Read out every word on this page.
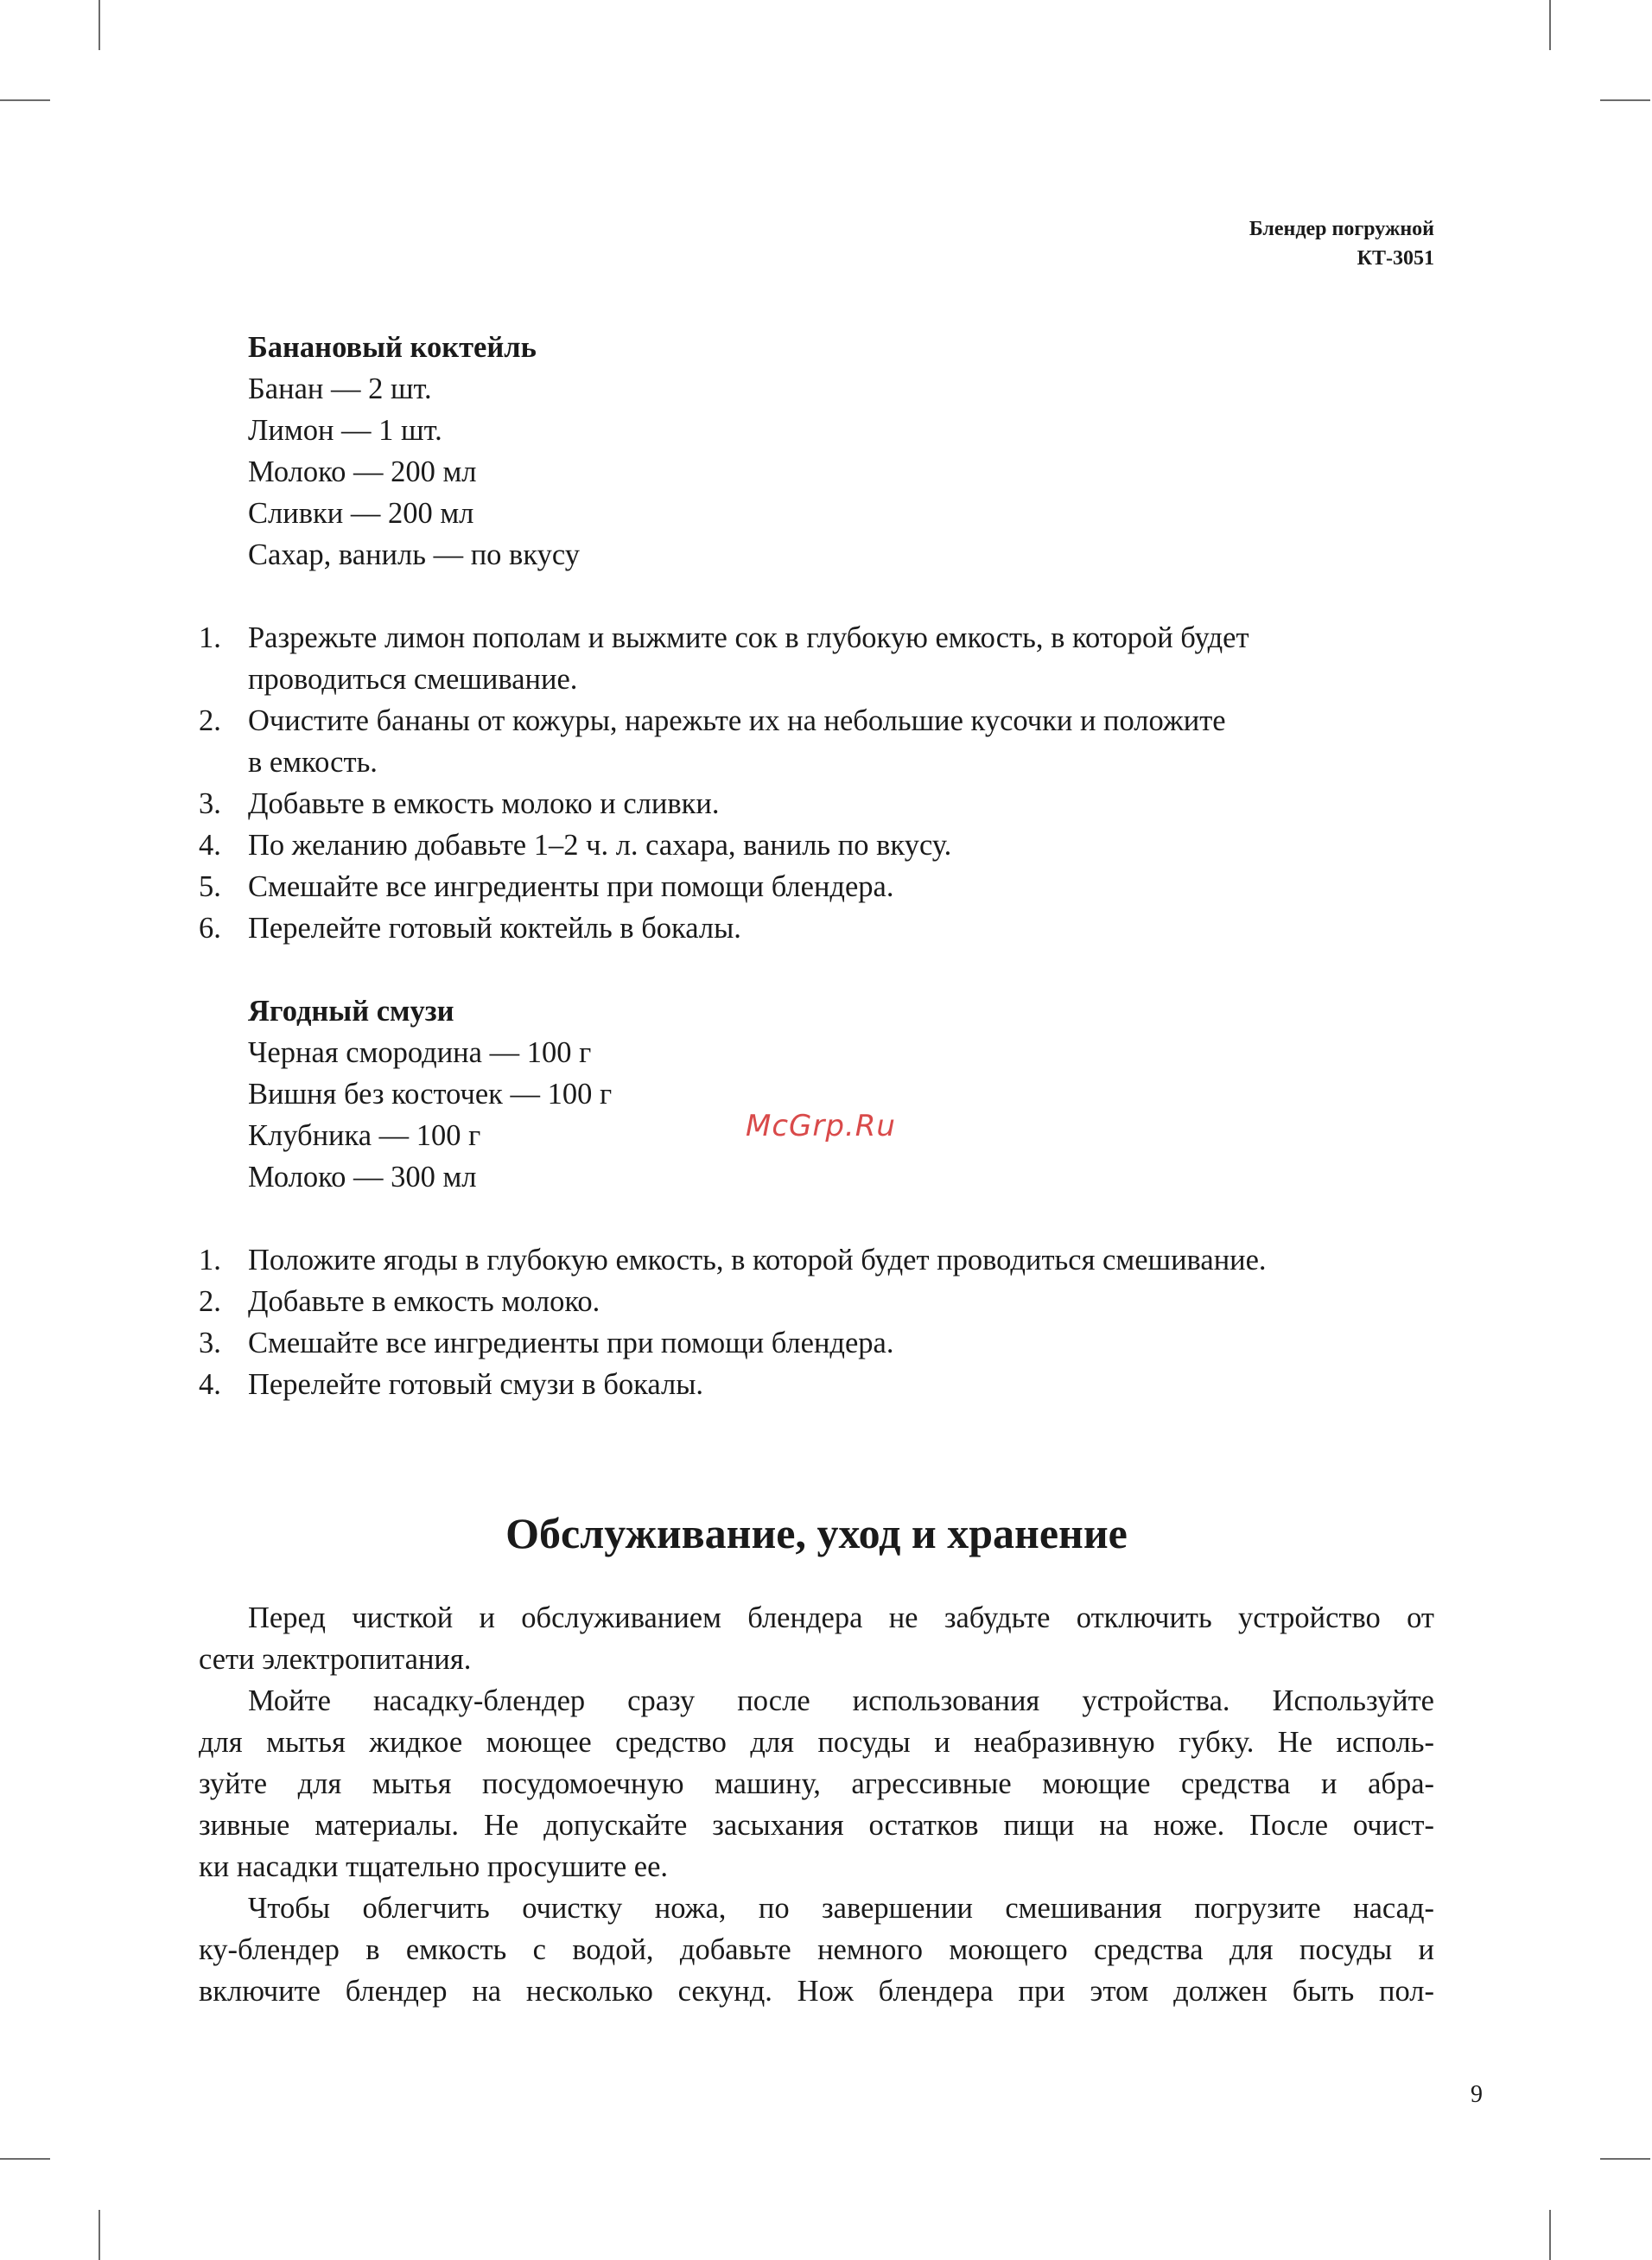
Блендер погружной
КТ-3051
Банановый коктейль
Банан — 2 шт.
Лимон — 1 шт.
Молоко — 200 мл
Сливки — 200 мл
Сахар, ваниль — по вкусу
1. Разрежьте лимон пополам и выжмите сок в глубокую емкость, в которой будет
проводиться смешивание.
2. Очистите бананы от кожуры, нарежьте их на небольшие кусочки и положите
в емкость.
3. Добавьте в емкость молоко и сливки.
4. По желанию добавьте 1–2 ч. л. сахара, ваниль по вкусу.
5. Смешайте все ингредиенты при помощи блендера.
6. Перелейте готовый коктейль в бокалы.
Ягодный смузи
Черная смородина — 100 г
Вишня без косточек — 100 г
Клубника — 100 г
Молоко — 300 мл
1. Положите ягоды в глубокую емкость, в которой будет проводиться смешивание.
2. Добавьте в емкость молоко.
3. Смешайте все ингредиенты при помощи блендера.
4. Перелейте готовый смузи в бокалы.
Обслуживание, уход и хранение

Перед чисткой и обслуживанием блендера не забудьте отключить устройство от
сети электропитания.

Мойте насадку-блендер сразу после использования устройства. Используйте
для мытья жидкое моющее средство для посуды и неабразивную губку. Не исполь-
зуйте для мытья посудомоечную машину, агрессивные моющие средства и абра-
зивные материалы. Не допускайте засыхания остатков пищи на ноже. После очист-
ки насадки тщательно просушите ее.

Чтобы облегчить очистку ножа, по завершении смешивания погрузите насад-
ку-блендер в емкость с водой, добавьте немного моющего средства для посуды и
включите блендер на несколько секунд. Нож блендера при этом должен быть пол-

McGrp.Ru
9
